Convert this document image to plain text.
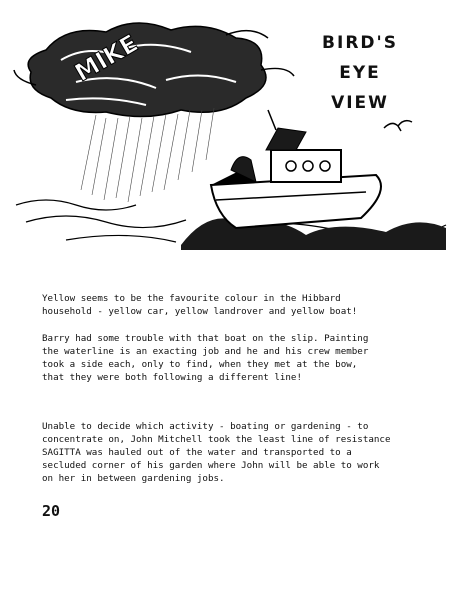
MIKE	BIRD'S EYE
VIEW

Yellow seems to be the favourite colour in the Hibbard
household - yellow car, yellow landrover and yellow boat!

Barry had some trouble with that boat on the slip. Painting
the waterline is an exacting job and he and his crew member
took a side each, only to find, when they met at the bow,
that they were both following a different line!

Unable to decide which activity - boating or gardening - to
concentrate on, John Mitchell took the least line of resistance
SAGITTA was hauled out of the water and transported to a
secluded corner of his garden where John will be able to work
on her in between gardening jobs.

20
